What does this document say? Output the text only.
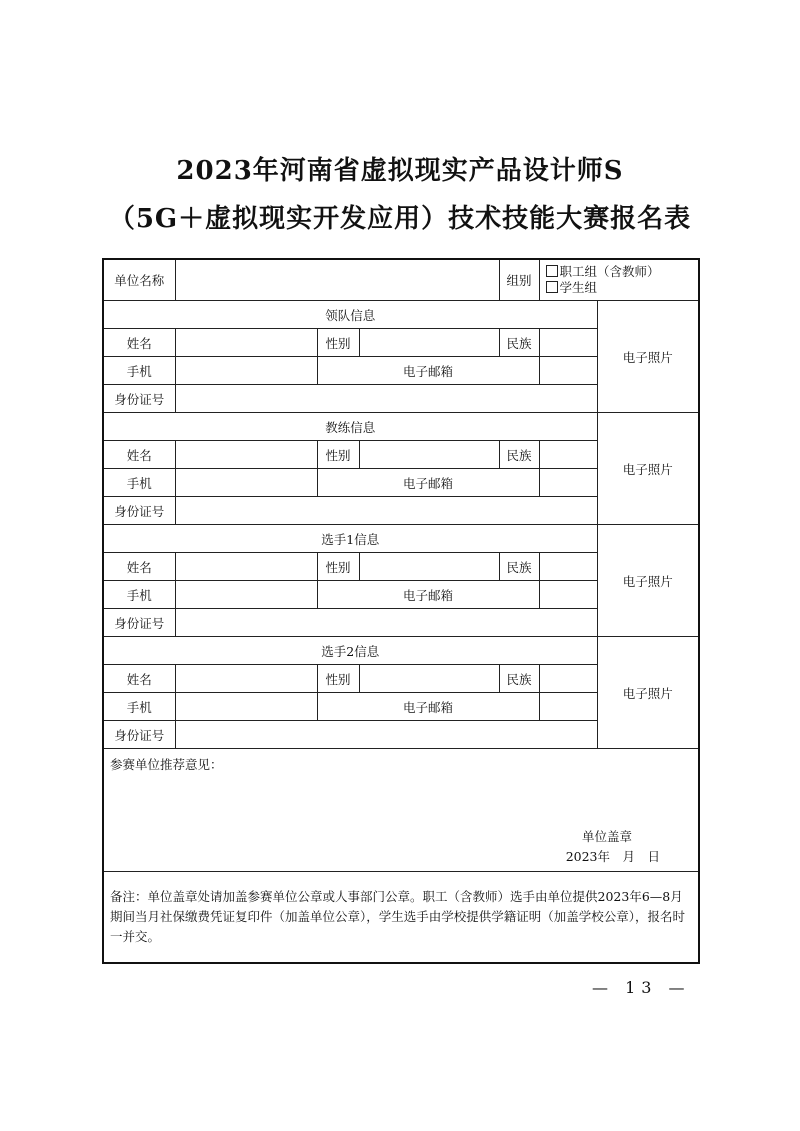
2023年河南省虚拟现实产品设计师S
（5G＋虚拟现实开发应用）技术技能大赛报名表
单位名称				组别	职工组（含教师）
学生组	

领队信息						电子照片
姓名		性别		民族		
手机		电子邮箱				
身份证号						
教练信息						电子照片
姓名		性别		民族		
手机		电子邮箱				
身份证号						
选手1信息						电子照片
姓名		性别		民族		
手机		电子邮箱				
身份证号						
选手2信息						电子照片
姓名		性别		民族		
手机		电子邮箱				
身份证号						
参赛单位推荐意见：
单位盖章
2023年　月　日						

备注：单位盖章处请加盖参赛单位公章或人事部门公章。职工（含教师）选手由单位提供2023年6—8月期间当月社保缴费凭证复印件（加盖单位公章），学生选手由学校提供学籍证明（加盖学校公章），报名时一并交。						
— 13 —
